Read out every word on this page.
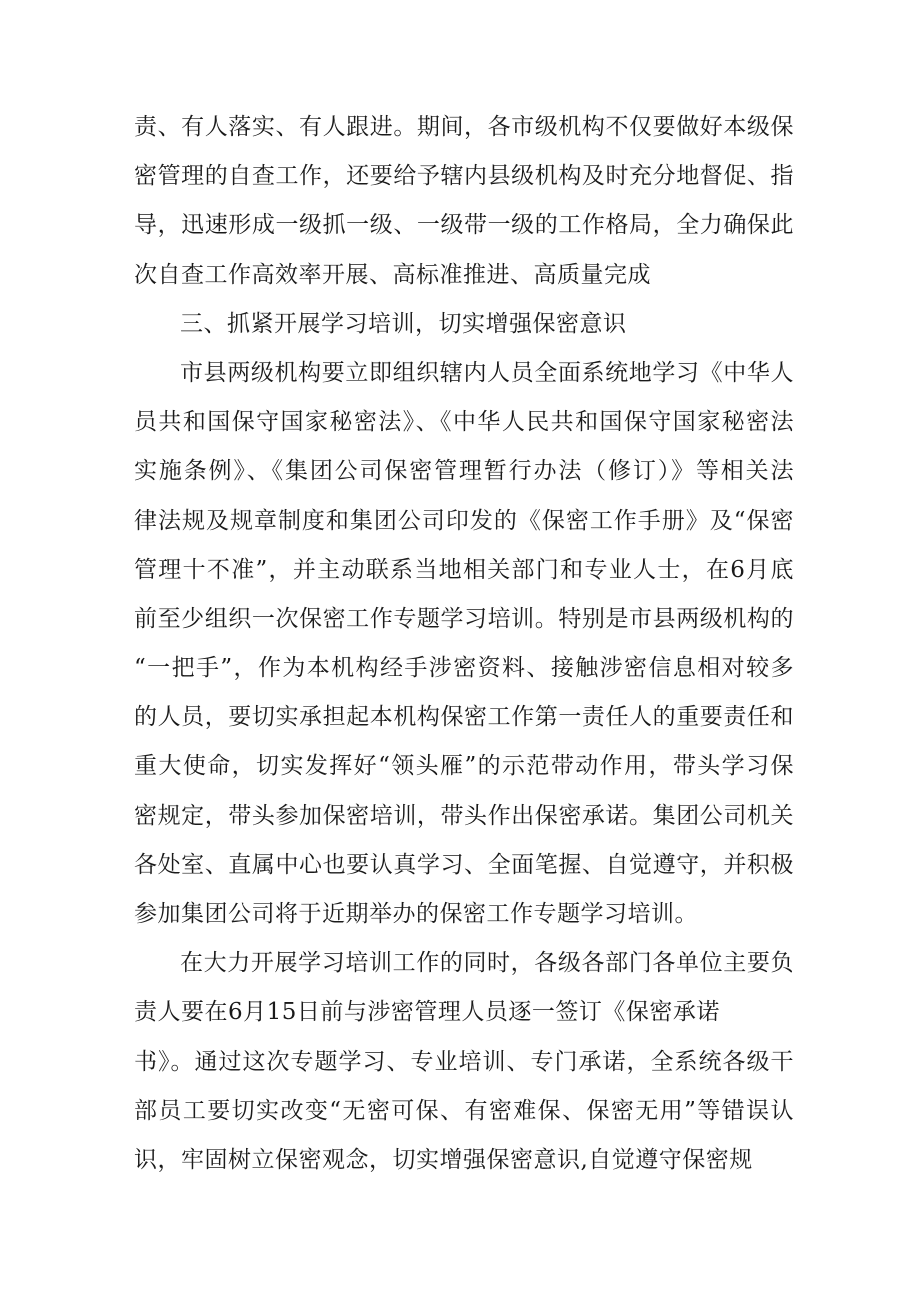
责、有人落实、有人跟进。期间，各市级机构不仅要做好本级保
密管理的自查工作，还要给予辖内县级机构及时充分地督促、指
导，迅速形成一级抓一级、一级带一级的工作格局，全力确保此
次自查工作高效率开展、高标准推进、高质量完成
三、抓紧开展学习培训，切实增强保密意识
市县两级机构要立即组织辖内人员全面系统地学习《中华人
员共和国保守国家秘密法》、《中华人民共和国保守国家秘密法
实施条例》、《集团公司保密管理暂行办法（修订）》等相关法
律法规及规章制度和集团公司印发的《保密工作手册》及“保密
管理十不准”，并主动联系当地相关部门和专业人士，在6月底
前至少组织一次保密工作专题学习培训。特别是市县两级机构的
“一把手”，作为本机构经手涉密资料、接触涉密信息相对较多
的人员，要切实承担起本机构保密工作第一责任人的重要责任和
重大使命，切实发挥好“领头雁”的示范带动作用，带头学习保
密规定，带头参加保密培训，带头作出保密承诺。集团公司机关
各处室、直属中心也要认真学习、全面笔握、自觉遵守，并积极
参加集团公司将于近期举办的保密工作专题学习培训。
在大力开展学习培训工作的同时，各级各部门各单位主要负
责人要在6月15日前与涉密管理人员逐一签订《保密承诺
书》。通过这次专题学习、专业培训、专门承诺，全系统各级干
部员工要切实改变“无密可保、有密难保、保密无用”等错误认
识，牢固树立保密观念，切实增强保密意识,自觉遵守保密规
